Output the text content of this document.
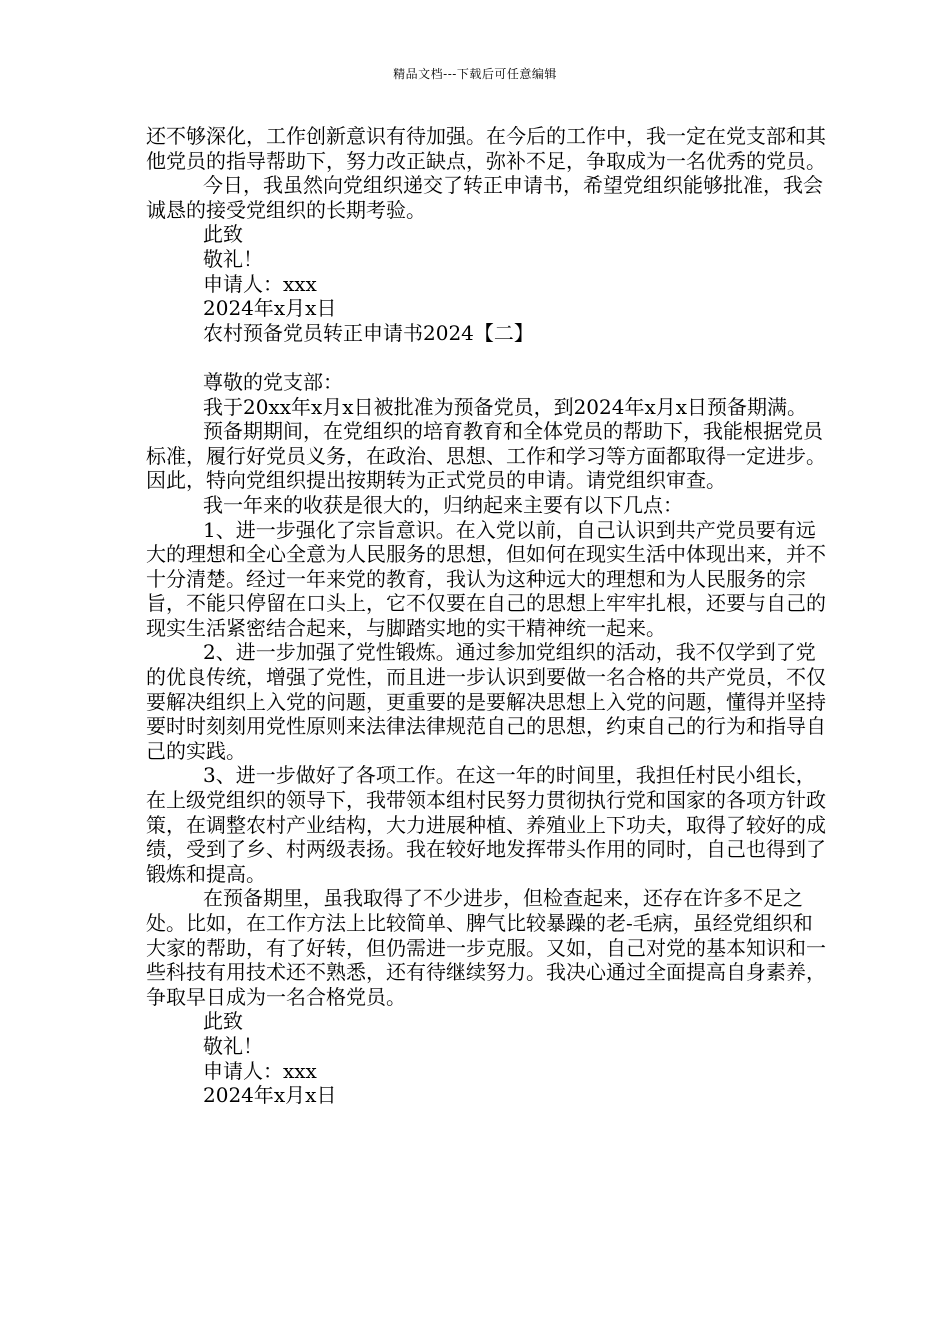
精品文档---下载后可任意编辑

还不够深化，工作创新意识有待加强。在今后的工作中，我一定在党支部和其他党员的指导帮助下，努力改正缺点，弥补不足，争取成为一名优秀的党员。

今日，我虽然向党组织递交了转正申请书，希望党组织能够批准，我会诚恳的接受党组织的长期考验。

此致

敬礼！

申请人：xxx

2024年x月x日

农村预备党员转正申请书2024【二】

尊敬的党支部：

我于20xx年x月x日被批准为预备党员，到2024年x月x日预备期满。

预备期期间，在党组织的培育教育和全体党员的帮助下，我能根据党员标准，履行好党员义务，在政治、思想、工作和学习等方面都取得一定进步。因此，特向党组织提出按期转为正式党员的申请。请党组织审查。

我一年来的收获是很大的，归纳起来主要有以下几点：

1、进一步强化了宗旨意识。在入党以前，自己认识到共产党员要有远大的理想和全心全意为人民服务的思想，但如何在现实生活中体现出来，并不十分清楚。经过一年来党的教育，我认为这种远大的理想和为人民服务的宗旨，不能只停留在口头上，它不仅要在自己的思想上牢牢扎根，还要与自己的现实生活紧密结合起来，与脚踏实地的实干精神统一起来。

2、进一步加强了党性锻炼。通过参加党组织的活动，我不仅学到了党的优良传统，增强了党性，而且进一步认识到要做一名合格的共产党员，不仅要解决组织上入党的问题，更重要的是要解决思想上入党的问题，懂得并坚持要时时刻刻用党性原则来法律法律规范自己的思想，约束自己的行为和指导自己的实践。

3、进一步做好了各项工作。在这一年的时间里，我担任村民小组长，在上级党组织的领导下，我带领本组村民努力贯彻执行党和国家的各项方针政策，在调整农村产业结构，大力进展种植、养殖业上下功夫，取得了较好的成绩，受到了乡、村两级表扬。我在较好地发挥带头作用的同时，自己也得到了锻炼和提高。

在预备期里，虽我取得了不少进步，但检查起来，还存在许多不足之处。比如，在工作方法上比较简单、脾气比较暴躁的老-毛病，虽经党组织和大家的帮助，有了好转，但仍需进一步克服。又如，自己对党的基本知识和一些科技有用技术还不熟悉，还有待继续努力。我决心通过全面提高自身素养，争取早日成为一名合格党员。

此致

敬礼！

申请人：xxx

2024年x月x日
